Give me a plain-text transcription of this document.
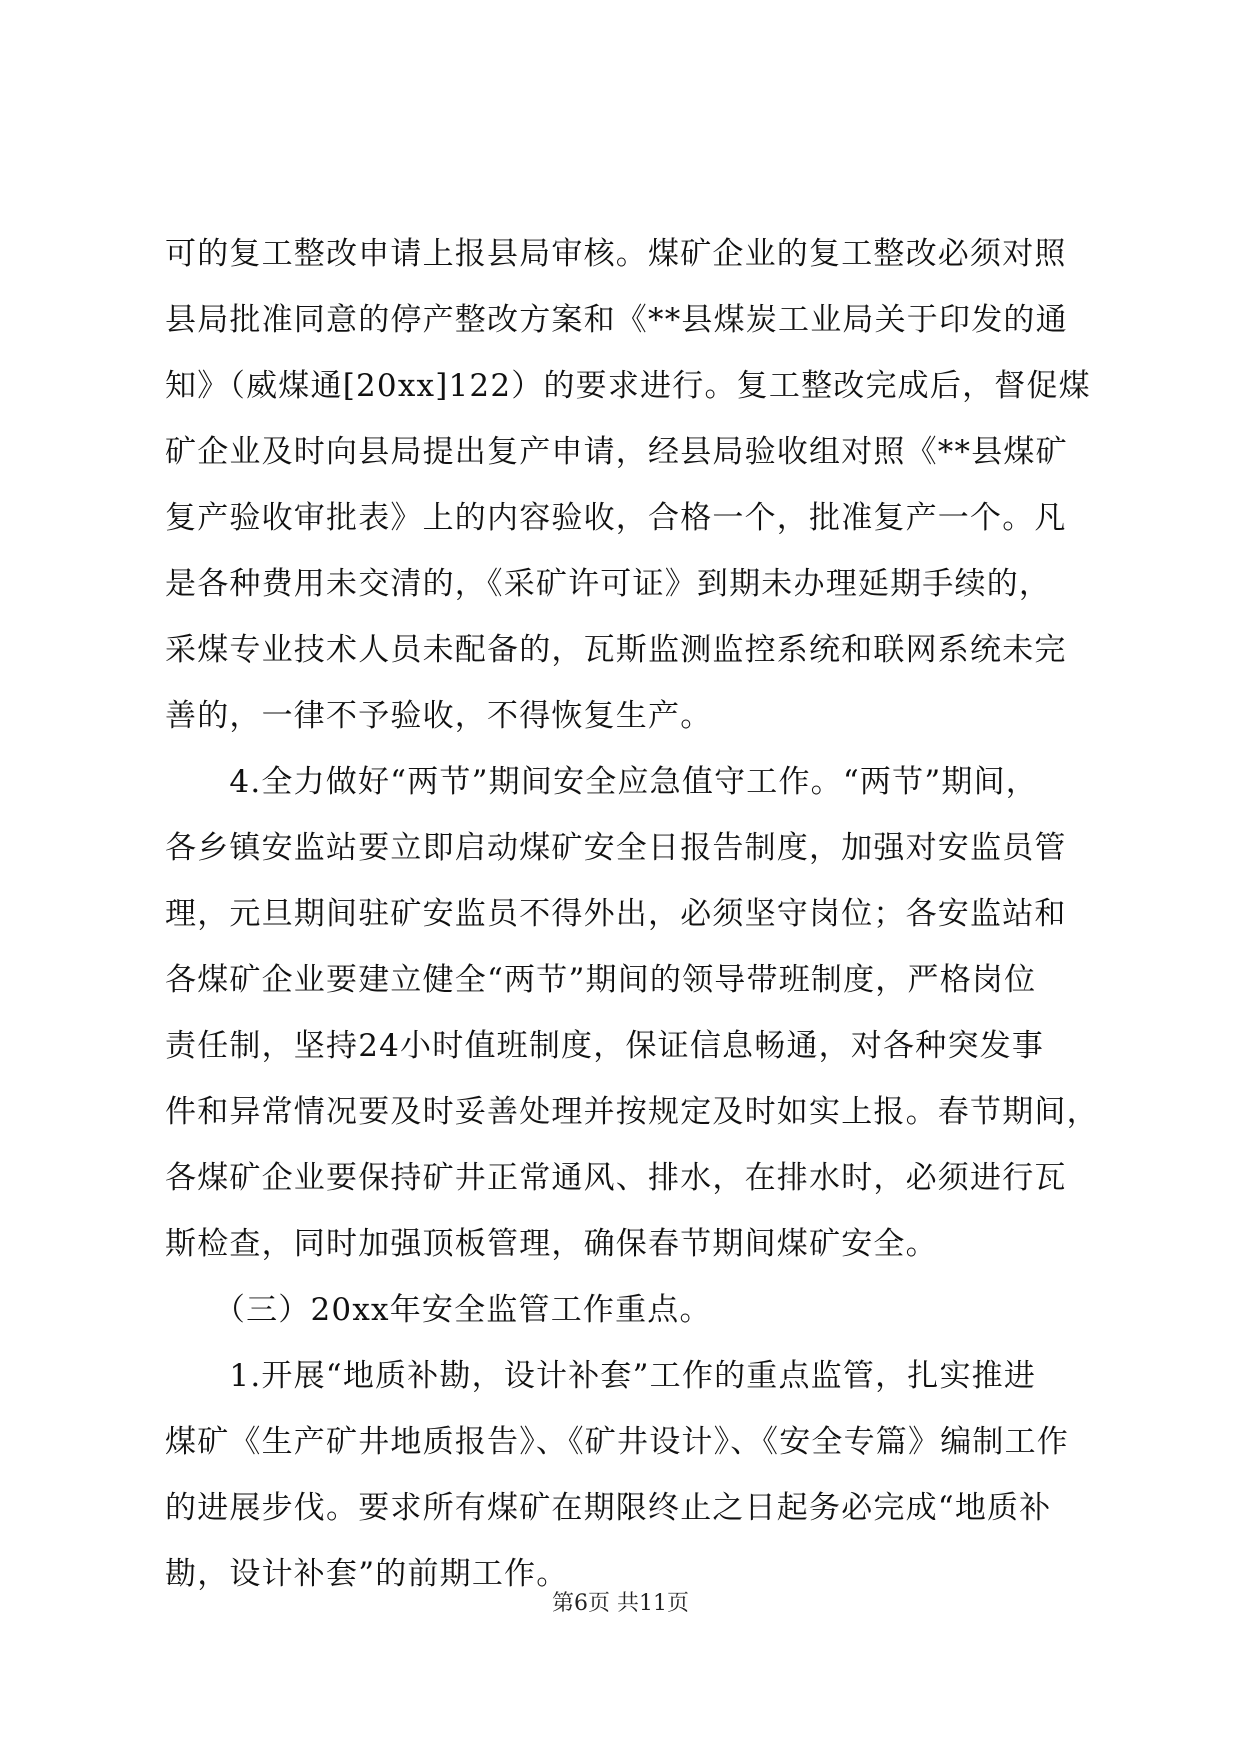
可的复工整改申请上报县局审核。煤矿企业的复工整改必须对照
县局批准同意的停产整改方案和《**县煤炭工业局关于印发的通
知》（威煤通[20xx]122）的要求进行。复工整改完成后，督促煤
矿企业及时向县局提出复产申请，经县局验收组对照《**县煤矿
复产验收审批表》上的内容验收，合格一个，批准复产一个。凡
是各种费用未交清的，《采矿许可证》到期未办理延期手续的，
采煤专业技术人员未配备的，瓦斯监测监控系统和联网系统未完
善的，一律不予验收，不得恢复生产。
　　4.全力做好“两节”期间安全应急值守工作。“两节”期间，
各乡镇安监站要立即启动煤矿安全日报告制度，加强对安监员管
理，元旦期间驻矿安监员不得外出，必须坚守岗位；各安监站和
各煤矿企业要建立健全“两节”期间的领导带班制度，严格岗位
责任制，坚持24小时值班制度，保证信息畅通，对各种突发事
件和异常情况要及时妥善处理并按规定及时如实上报。春节期间，
各煤矿企业要保持矿井正常通风、排水，在排水时，必须进行瓦
斯检查，同时加强顶板管理，确保春节期间煤矿安全。
　　（三）20xx年安全监管工作重点。
　　1.开展“地质补勘，设计补套”工作的重点监管，扎实推进
煤矿《生产矿井地质报告》、《矿井设计》、《安全专篇》编制工作
的进展步伐。要求所有煤矿在期限终止之日起务必完成“地质补
勘，设计补套”的前期工作。
第6页 共11页
